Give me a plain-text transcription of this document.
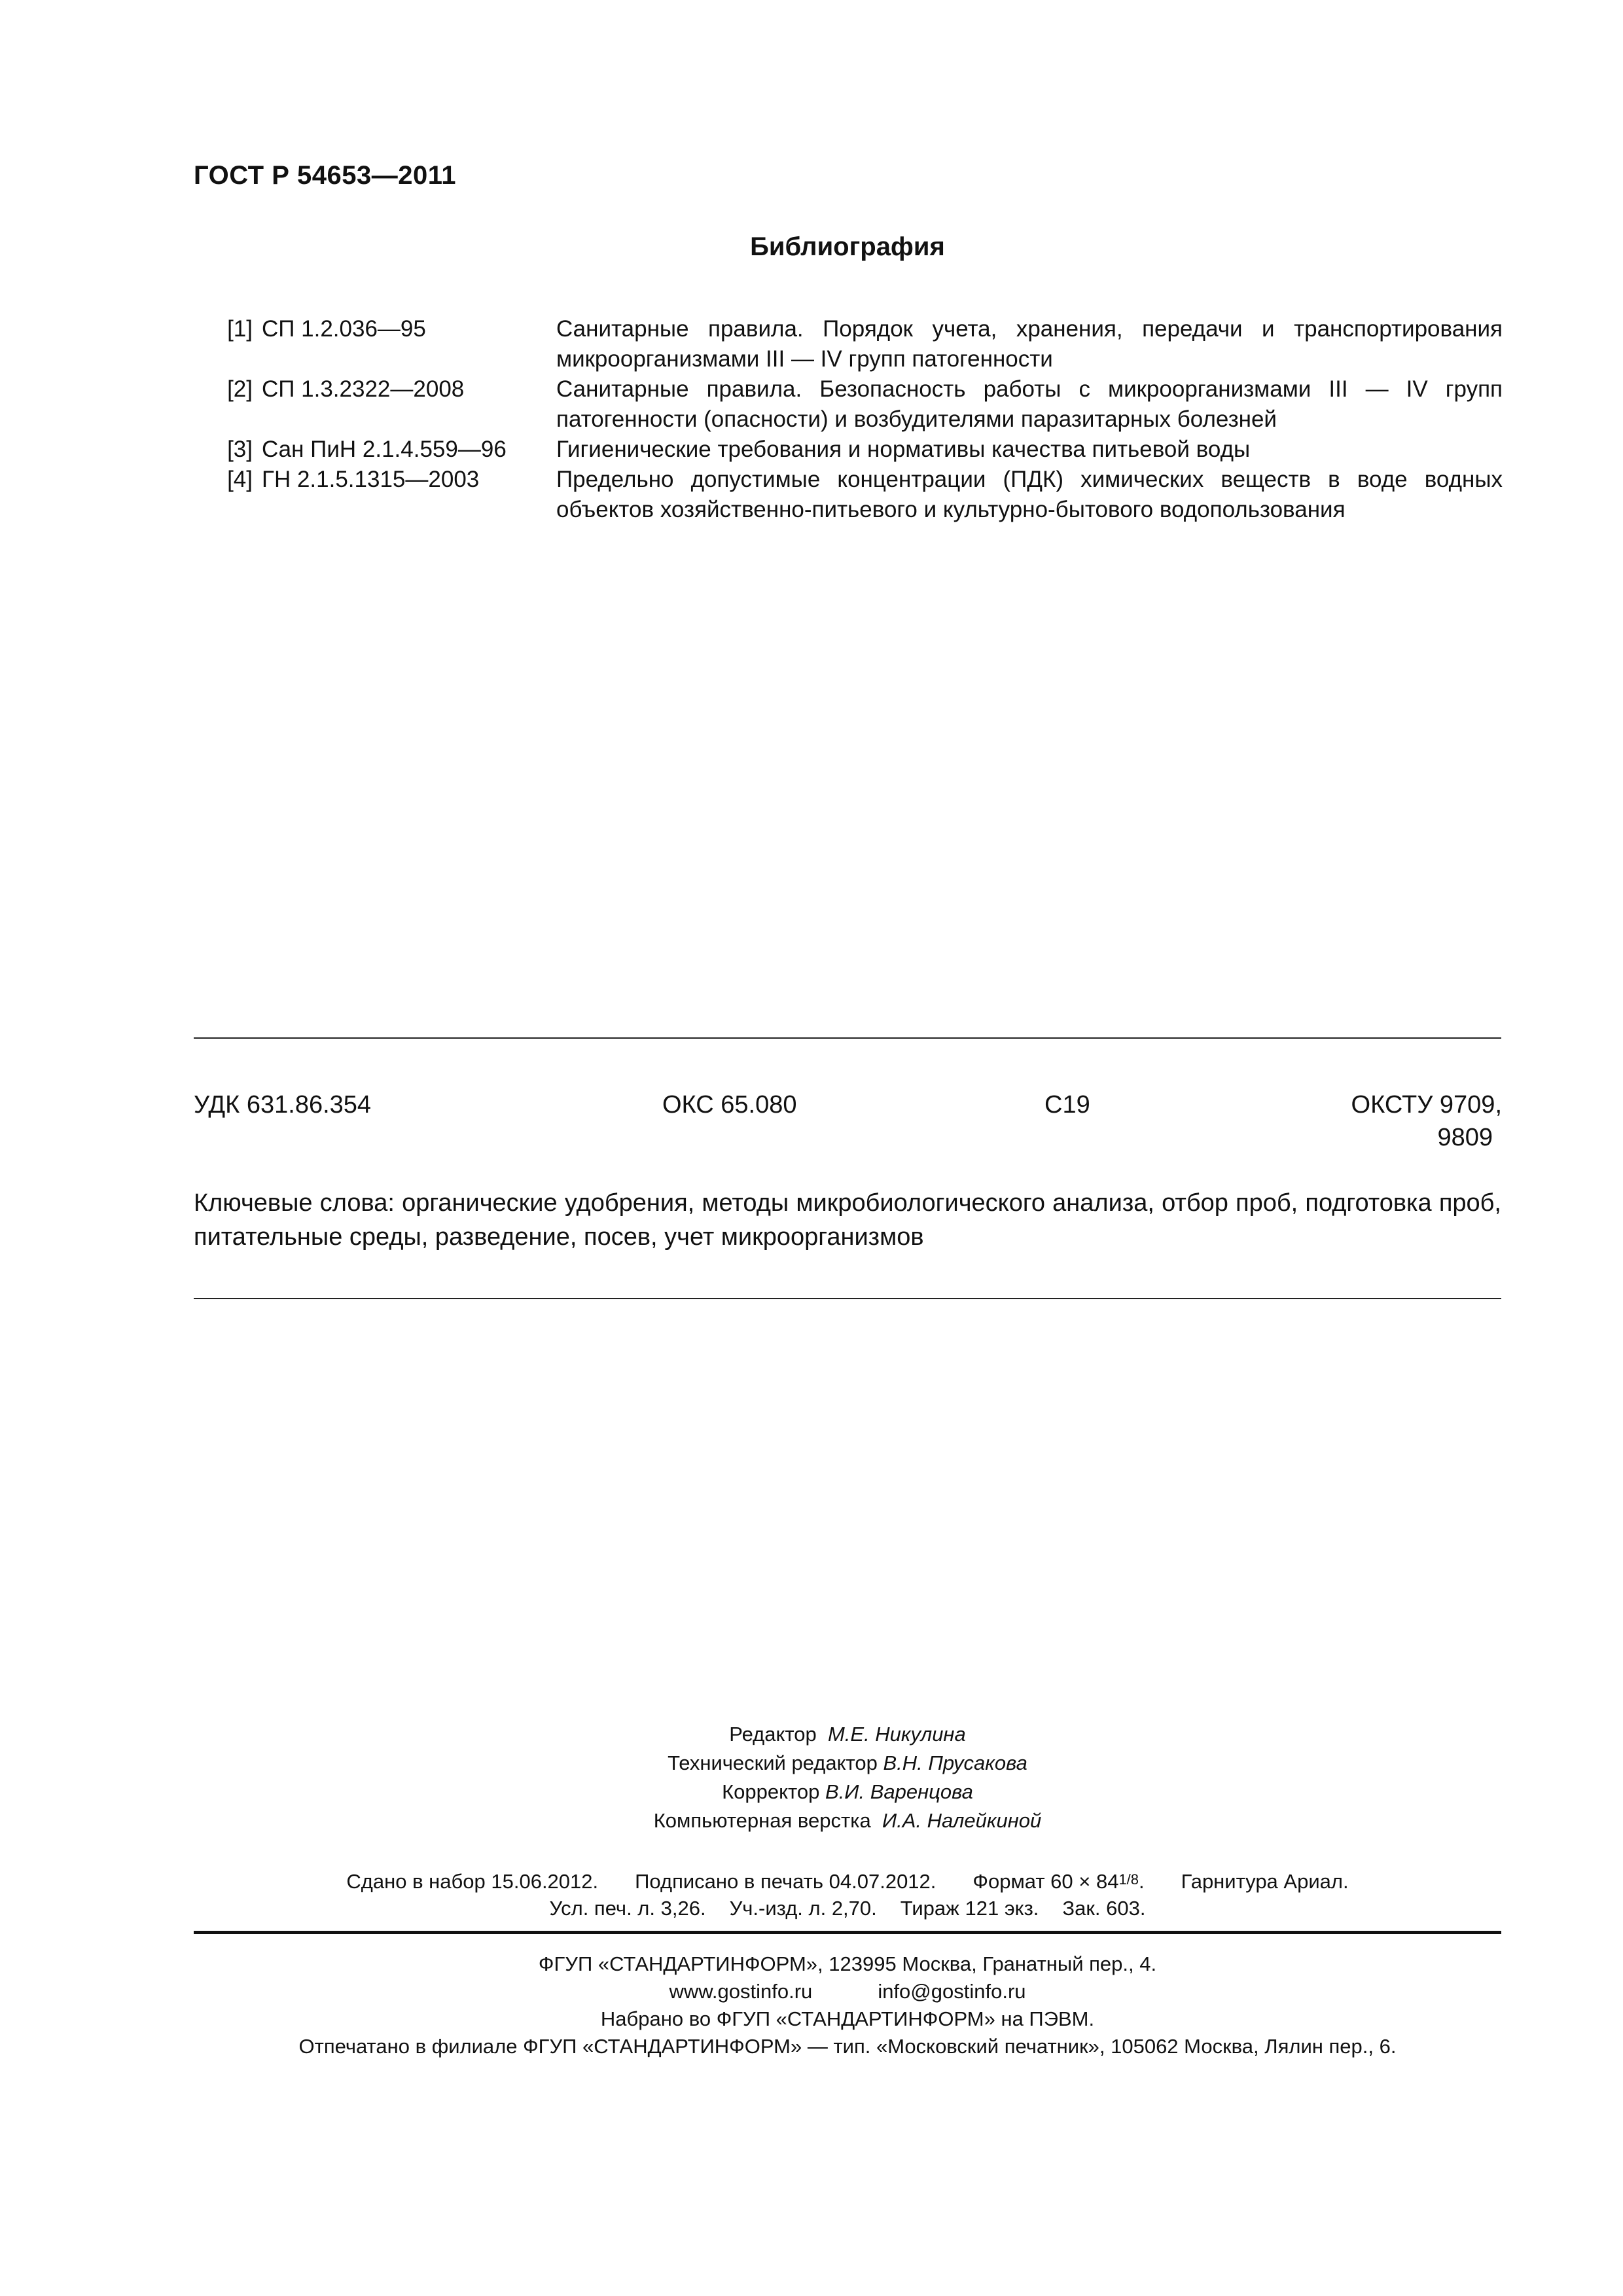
ГОСТ Р 54653—2011
Библиография
[1] СП 1.2.036—95	Санитарные правила. Порядок учета, хранения, передачи и транспортирования микроорганизмами III — IV групп патогенности
[2] СП 1.3.2322—2008	Санитарные правила. Безопасность работы с микроорганизмами III — IV групп патогенности (опасности) и возбудителями паразитарных болезней
[3] Сан ПиН 2.1.4.559—96	Гигиенические требования и нормативы качества питьевой воды
[4] ГН 2.1.5.1315—2003	Предельно допустимые концентрации (ПДК) химических веществ в воде водных объектов хозяйственно-питьевого и культурно-бытового водопользования
УДК 631.86.354	ОКС 65.080	С19	ОКСТУ 9709,
9809
Ключевые слова: органические удобрения, методы микробиологического анализа, отбор проб, подготовка проб, питательные среды, разведение, посев, учет микроорганизмов
Редактор М.Е. Никулина
Технический редактор В.Н. Прусакова
Корректор В.И. Варенцова
Компьютерная верстка И.А. Налейкиной
Сдано в набор 15.06.2012. Подписано в печать 04.07.2012. Формат 60 × 841/8. Гарнитура Ариал.
Усл. печ. л. 3,26. Уч.-изд. л. 2,70. Тираж 121 экз. Зак. 603.
ФГУП «СТАНДАРТИНФОРМ», 123995 Москва, Гранатный пер., 4.
www.gostinfo.ru	info@gostinfo.ru
Набрано во ФГУП «СТАНДАРТИНФОРМ» на ПЭВМ.
Отпечатано в филиале ФГУП «СТАНДАРТИНФОРМ» — тип. «Московский печатник», 105062 Москва, Лялин пер., 6.
